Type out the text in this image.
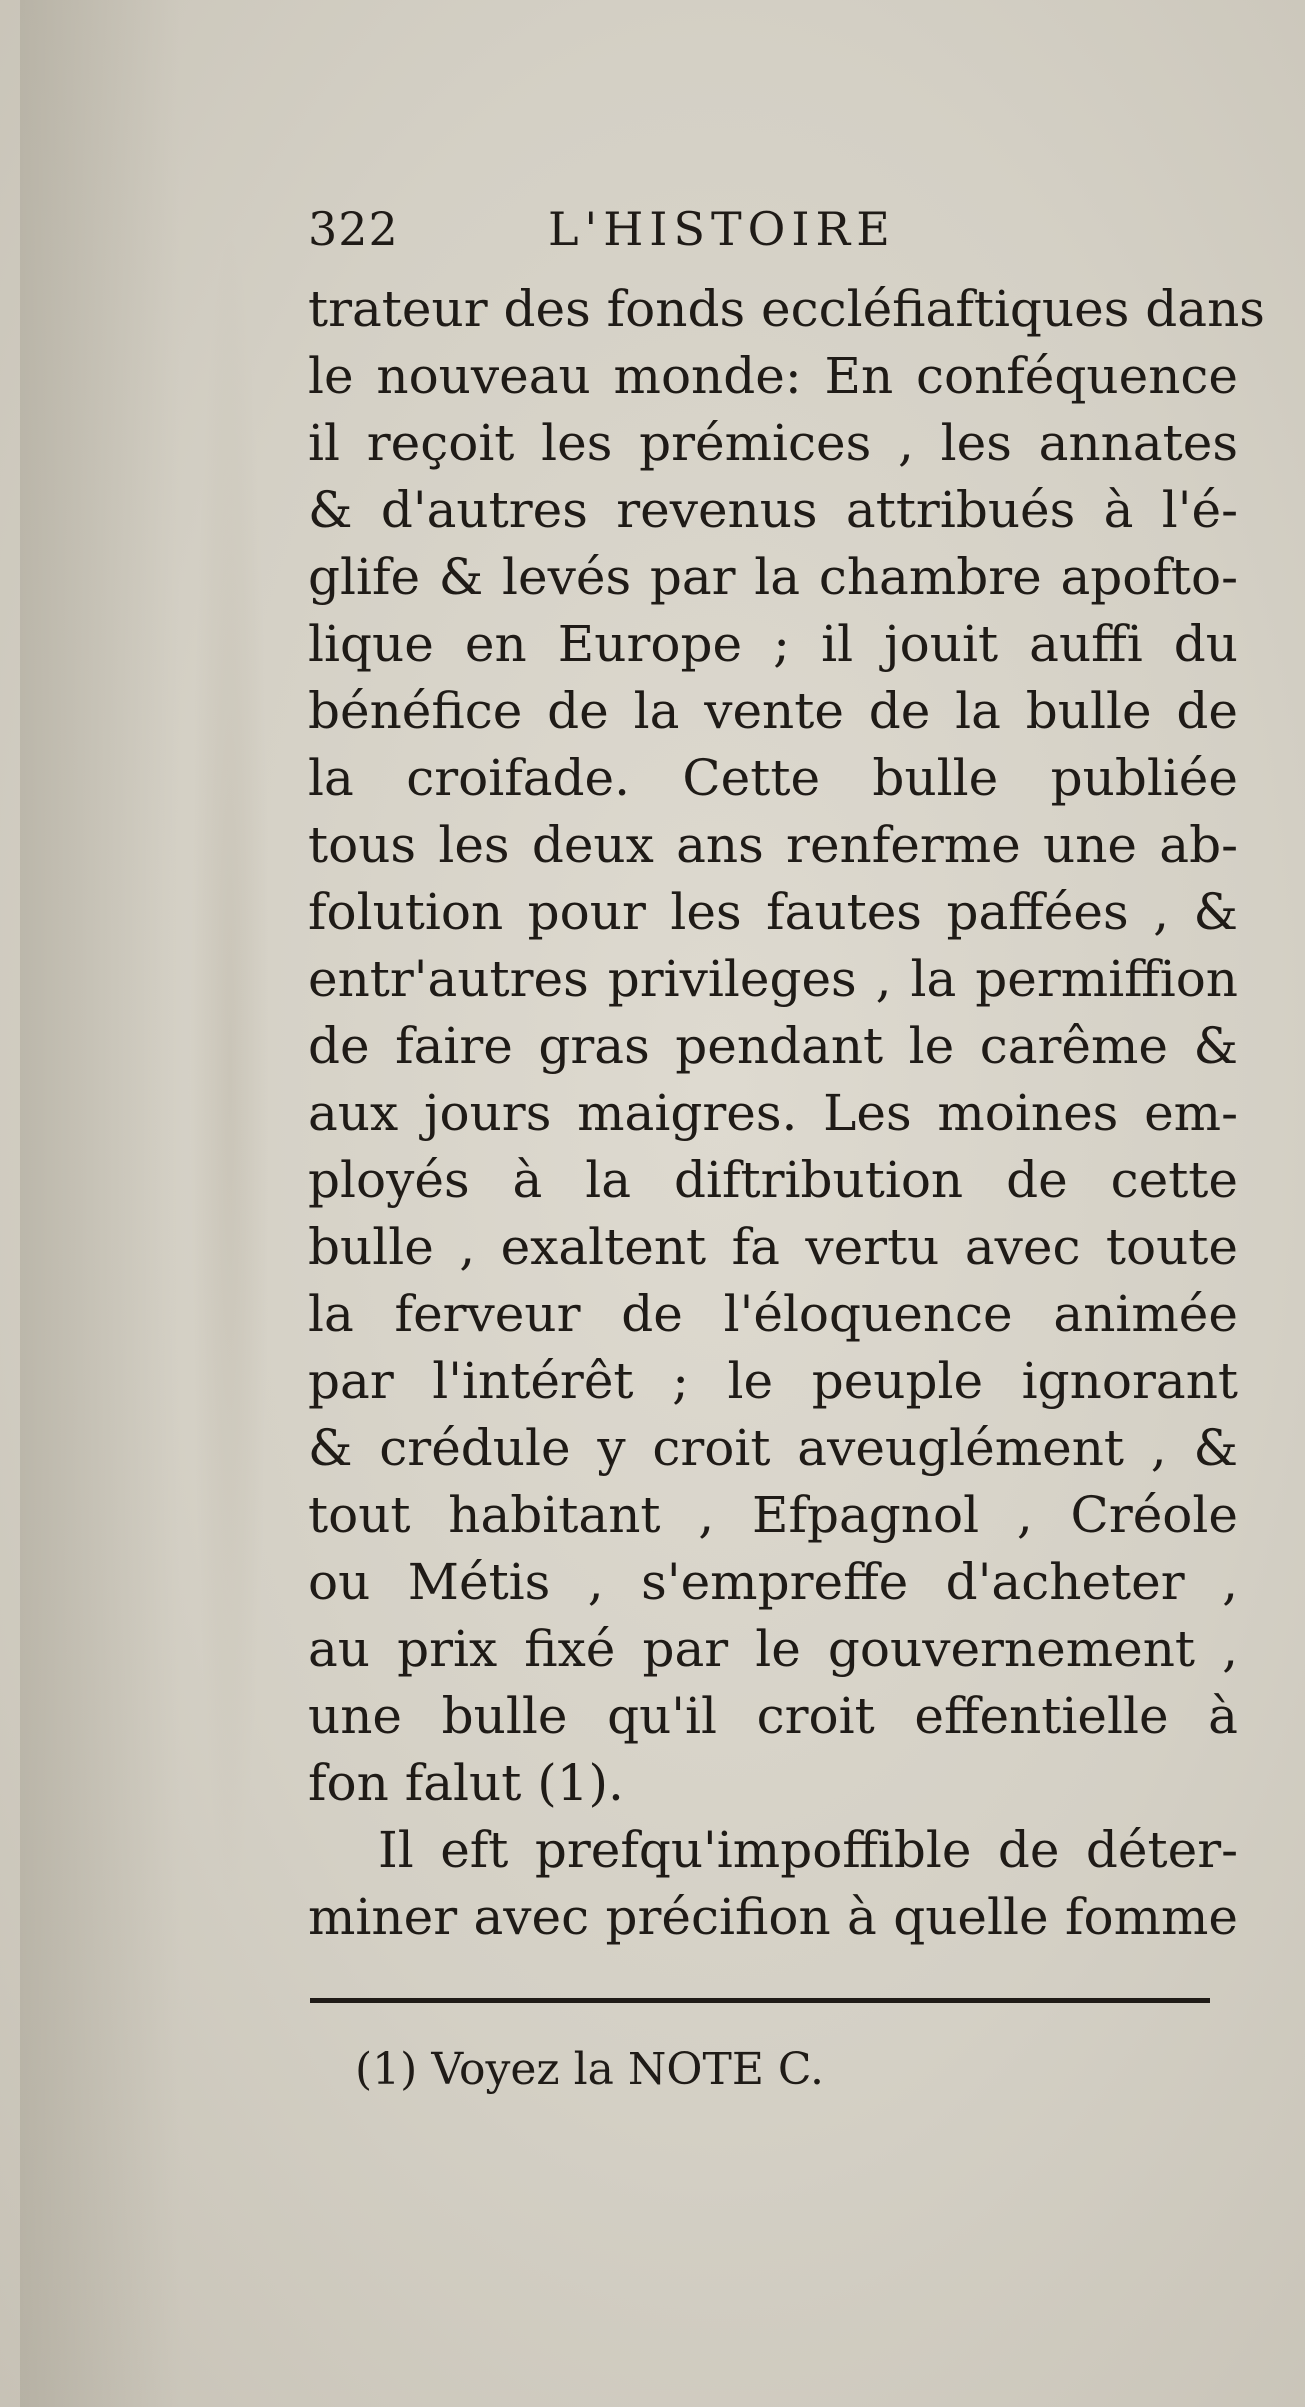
322	L'HISTOIRE
trateur des fonds eccléfiaftiques dans
le nouveau monde: En conféquence
il reçoit les prémices , les annates
& d'autres revenus attribués à l'é-
glife & levés par la chambre apofto-
lique en Europe ; il jouit auffi du
bénéfice de la vente de la bulle de
la croifade. Cette bulle publiée
tous les deux ans renferme une ab-
folution pour les fautes paffées , &
entr'autres privileges , la permiffion
de faire gras pendant le carême &
aux jours maigres. Les moines em-
ployés à la diftribution de cette
bulle , exaltent fa vertu avec toute
la ferveur de l'éloquence animée
par l'intérêt ; le peuple ignorant
& crédule y croit aveuglément , &
tout habitant , Efpagnol , Créole
ou Métis , s'empreffe d'acheter ,
au prix fixé par le gouvernement ,
une bulle qu'il croit effentielle à
fon falut (1).
Il eft prefqu'impoffible de déter-
miner avec précifion à quelle fomme
(1) Voyez la NOTE C.
